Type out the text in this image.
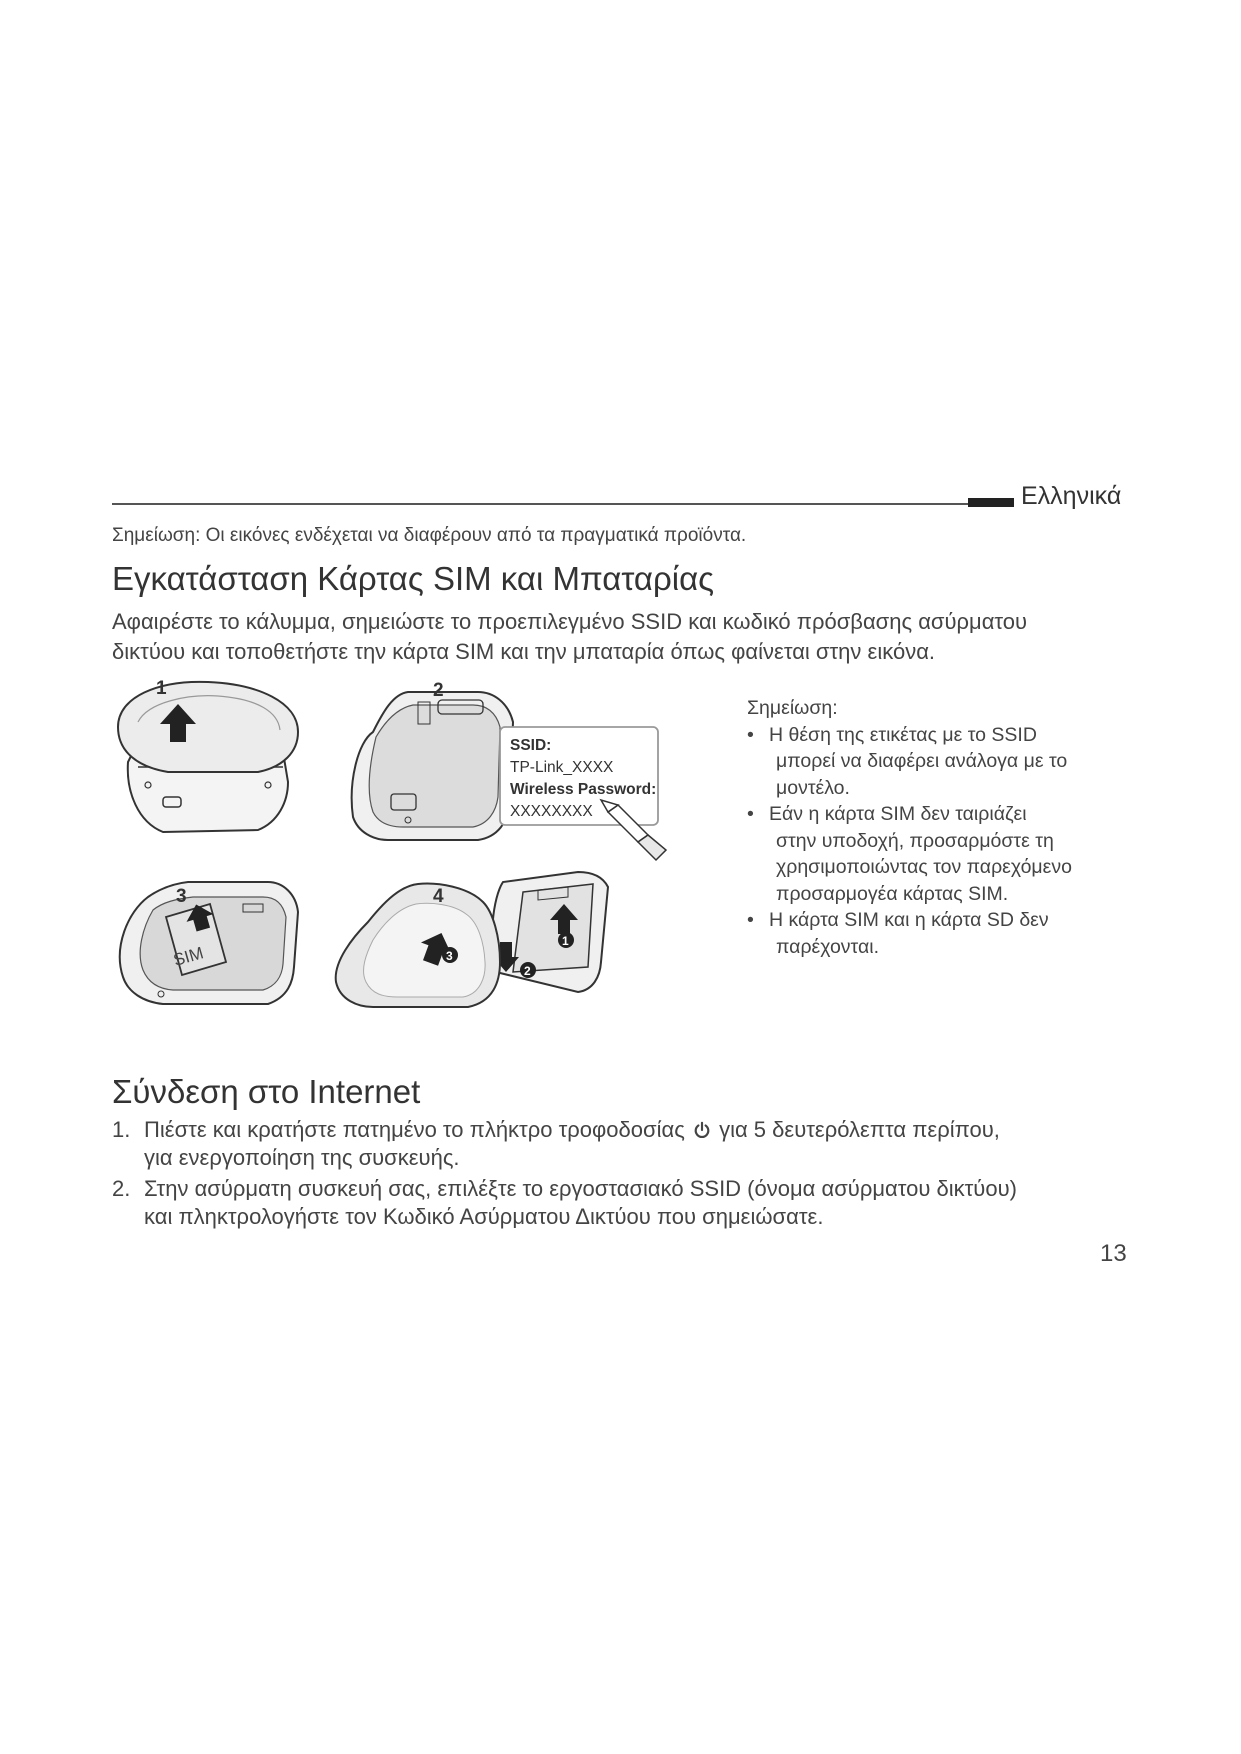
Ελληνικά
Σημείωση: Οι εικόνες ενδέχεται να διαφέρουν από τα πραγματικά προϊόντα.
Εγκατάσταση Κάρτας SIM και Μπαταρίας
Αφαιρέστε το κάλυμμα, σημειώστε το προεπιλεγμένο SSID και κωδικό πρόσβασης ασύρματου
δικτύου και τοποθετήστε την κάρτα SIM και την μπαταρία όπως φαίνεται στην εικόνα.
1	2
SSID:
TP-Link_XXXX
Wireless Password:
XXXXXXXX
SIM
3
1
2
3
4
Σημείωση:
• Η θέση της ετικέτας με το SSID
μπορεί να διαφέρει ανάλογα με το
μοντέλο.
• Εάν η κάρτα SIM δεν ταιριάζει
στην υποδοχή, προσαρμόστε τη
χρησιμοποιώντας τον παρεχόμενο
προσαρμογέα κάρτας SIM.
• Η κάρτα SIM και η κάρτα SD δεν
παρέχονται.
Σύνδεση στο Internet
1. Πιέστε και κρατήστε πατημένο το πλήκτρο τροφοδοσίας για 5 δευτερόλεπτα περίπου,
για ενεργοποίηση της συσκευής.
2. Στην ασύρματη συσκευή σας, επιλέξτε το εργοστασιακό SSID (όνομα ασύρματου δικτύου)
και πληκτρολογήστε τον Κωδικό Ασύρματου Δικτύου που σημειώσατε.
13
